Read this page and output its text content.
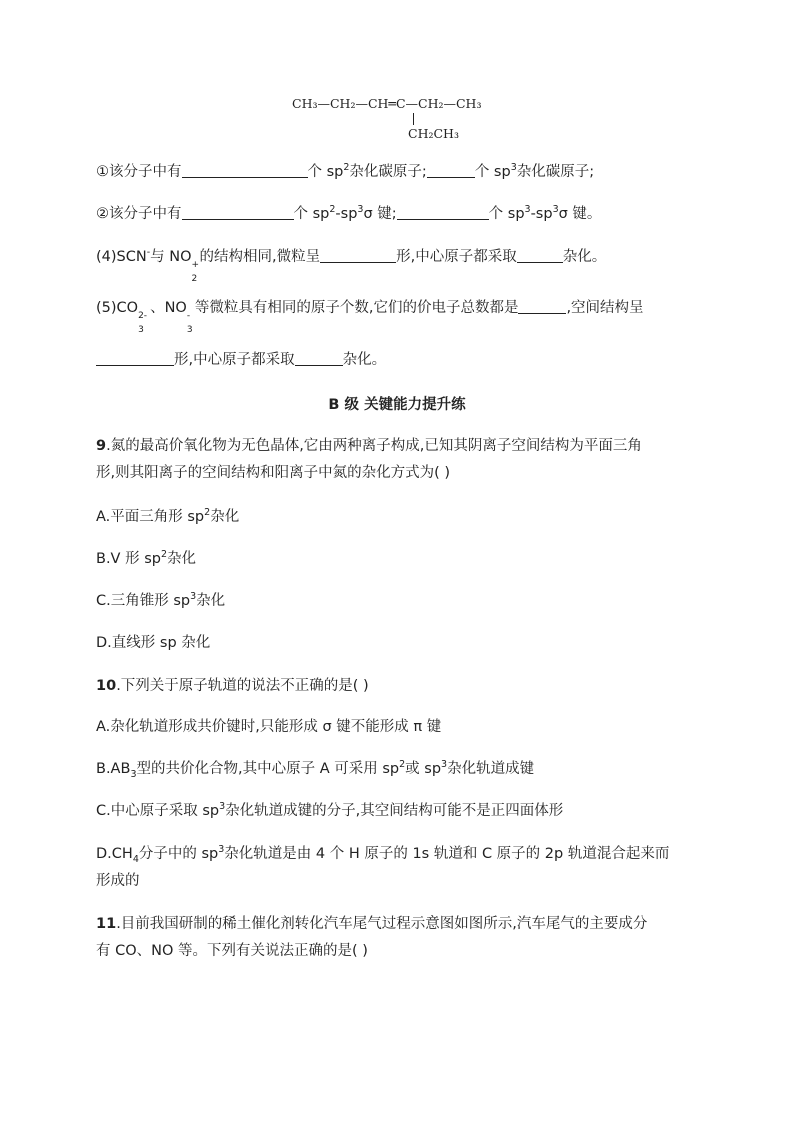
CH₃—CH₂—CH═C—CH₂—CH₃
CH₂CH₃
①该分子中有	个 $sp^2$杂化碳原子;	个 $sp^3$杂化碳原子;
②该分子中有	个 $sp^2-sp^3\sigma$ 键;	个 $sp^3-sp^3\sigma$ 键。
(4)SCN-与 NO
2
+ 的结构相同,微粒呈	形,中心原子都采取	杂化。
(5)CO
3
2- 、NO
3
- 等微粒具有相同的原子个数,它们的价电子总数都是	,空间结构呈
形,中心原子都采取	杂化。
B 级 关键能力提升练
9.氮的最高价氧化物为无色晶体,它由两种离子构成,已知其阴离子空间结构为平面三角
形,则其阳离子的空间结构和阳离子中氮的杂化方式为( )
A.平面三角形 $sp^2$杂化
B.V 形 $sp^2$杂化
C.三角锥形 $sp^3$杂化
D.直线形 sp 杂化
10.下列关于原子轨道的说法不正确的是( )
A.杂化轨道形成共价键时,只能形成 σ 键不能形成 π 键
$B.AB_3$型的共价化合物,其中心原子 A 可采用 $sp^2$或 $sp^3$杂化轨道成键
C.中心原子采取 $sp^3$杂化轨道成键的分子,其空间结构可能不是正四面体形
$D.CH_4$分子中的 $sp^3$杂化轨道是由 4 个 H 原子的 1s 轨道和 C 原子的 2p 轨道混合起来而
形成的
11.目前我国研制的稀土催化剂转化汽车尾气过程示意图如图所示,汽车尾气的主要成分
有 CO、NO 等。下列有关说法正确的是( )
